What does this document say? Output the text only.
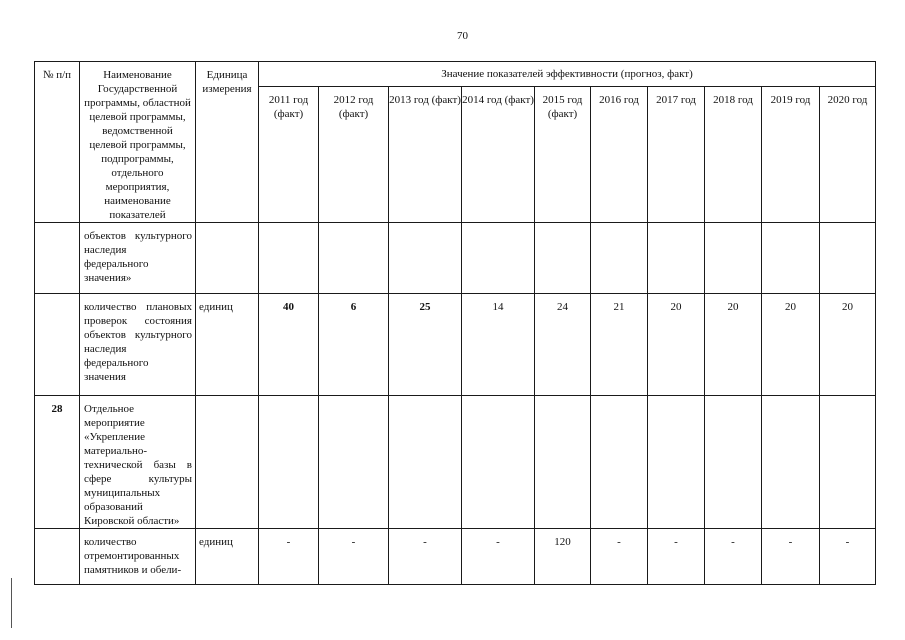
70
№ п/п	Наименование Государственной программы, областной целевой программы, ведомственной целевой программы, подпрограммы, отдельного мероприятия, наименование показателей	Единица измерения	Значение показателей эффективности (прогноз, факт)									
			2011 год (факт)	2012 год (факт)	2013 год (факт)	2014 год (факт)	2015 год (факт)	2016 год	2017 год	2018 год	2019 год	2020 год
	объектов культурного наследия федерального значения»											
	количество плановых проверок состояния объектов культурного наследия федерального значения	единиц	40	6	25	14	24	21	20	20	20	20
28	Отдельное мероприятие «Укрепление материально-технической базы в сфере культуры муниципальных образований Кировской области»											
	количество отремонтированных памятников и обели-	единиц	-	-	-	-	120	-	-	-	-	-
